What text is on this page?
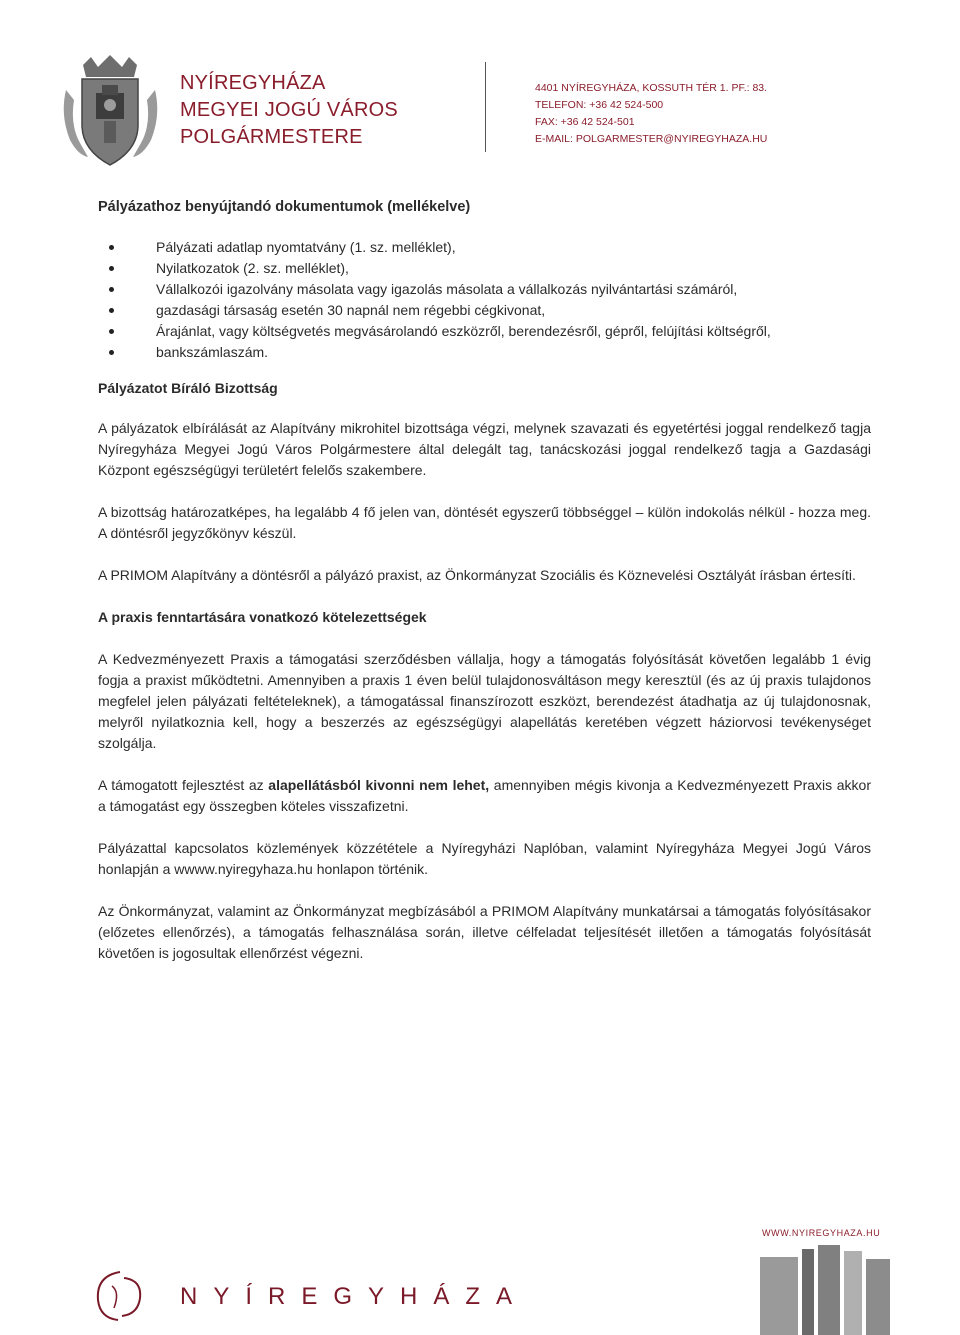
NYÍREGYHÁZA
MEGYEI JOGÚ VÁROS
POLGÁRMESTERE
4401 NYÍREGYHÁZA, KOSSUTH TÉR 1. PF.: 83.
TELEFON: +36 42 524-500
FAX: +36 42 524-501
E-MAIL: POLGARMESTER@NYIREGYHAZA.HU

Pályázathoz benyújtandó dokumentumok (mellékelve)

Pályázati adatlap nyomtatvány (1. sz. melléklet),
Nyilatkozatok (2. sz. melléklet),
Vállalkozói igazolvány másolata vagy igazolás másolata a vállalkozás nyilvántartási számáról,
gazdasági társaság esetén 30 napnál nem régebbi cégkivonat,
Árajánlat, vagy költségvetés megvásárolandó eszközről, berendezésről, gépről, felújítási költségről,
bankszámlaszám.

Pályázatot Bíráló Bizottság

A pályázatok elbírálását az Alapítvány mikrohitel bizottsága végzi, melynek szavazati és egyetértési joggal rendelkező tagja Nyíregyháza Megyei Jogú Város Polgármestere által delegált tag, tanácskozási joggal rendelkező tagja a Gazdasági Központ egészségügyi területért felelős szakembere.

A bizottság határozatképes, ha legalább 4 fő jelen van, döntését egyszerű többséggel – külön indokolás nélkül - hozza meg. A döntésről jegyzőkönyv készül.

A PRIMOM Alapítvány a döntésről a pályázó praxist, az Önkormányzat Szociális és Köznevelési Osztályát írásban értesíti.

A praxis fenntartására vonatkozó kötelezettségek

A Kedvezményezett Praxis a támogatási szerződésben vállalja, hogy a támogatás folyósítását követően legalább 1 évig fogja a praxist működtetni. Amennyiben a praxis 1 éven belül tulajdonosváltáson megy keresztül (és az új praxis tulajdonos megfelel jelen pályázati feltételeknek), a támogatással finanszírozott eszközt, berendezést átadhatja az új tulajdonosnak, melyről nyilatkoznia kell, hogy a beszerzés az egészségügyi alapellátás keretében végzett háziorvosi tevékenységet szolgálja.

A támogatott fejlesztést az alapellátásból kivonni nem lehet, amennyiben mégis kivonja a Kedvezményezett Praxis akkor a támogatást egy összegben köteles visszafizetni.

Pályázattal kapcsolatos közlemények közzététele a Nyíregyházi Naplóban, valamint Nyíregyháza Megyei Jogú Város honlapján a wwww.nyiregyhaza.hu honlapon történik.

Az Önkormányzat, valamint az Önkormányzat megbízásából a PRIMOM Alapítvány munkatársai a támogatás folyósításakor (előzetes ellenőrzés), a támogatás felhasználása során, illetve célfeladat teljesítését illetően a támogatás folyósítását követően is jogosultak ellenőrzést végezni.

WWW.NYIREGYHAZA.HU
NYÍREGYHÁZA
